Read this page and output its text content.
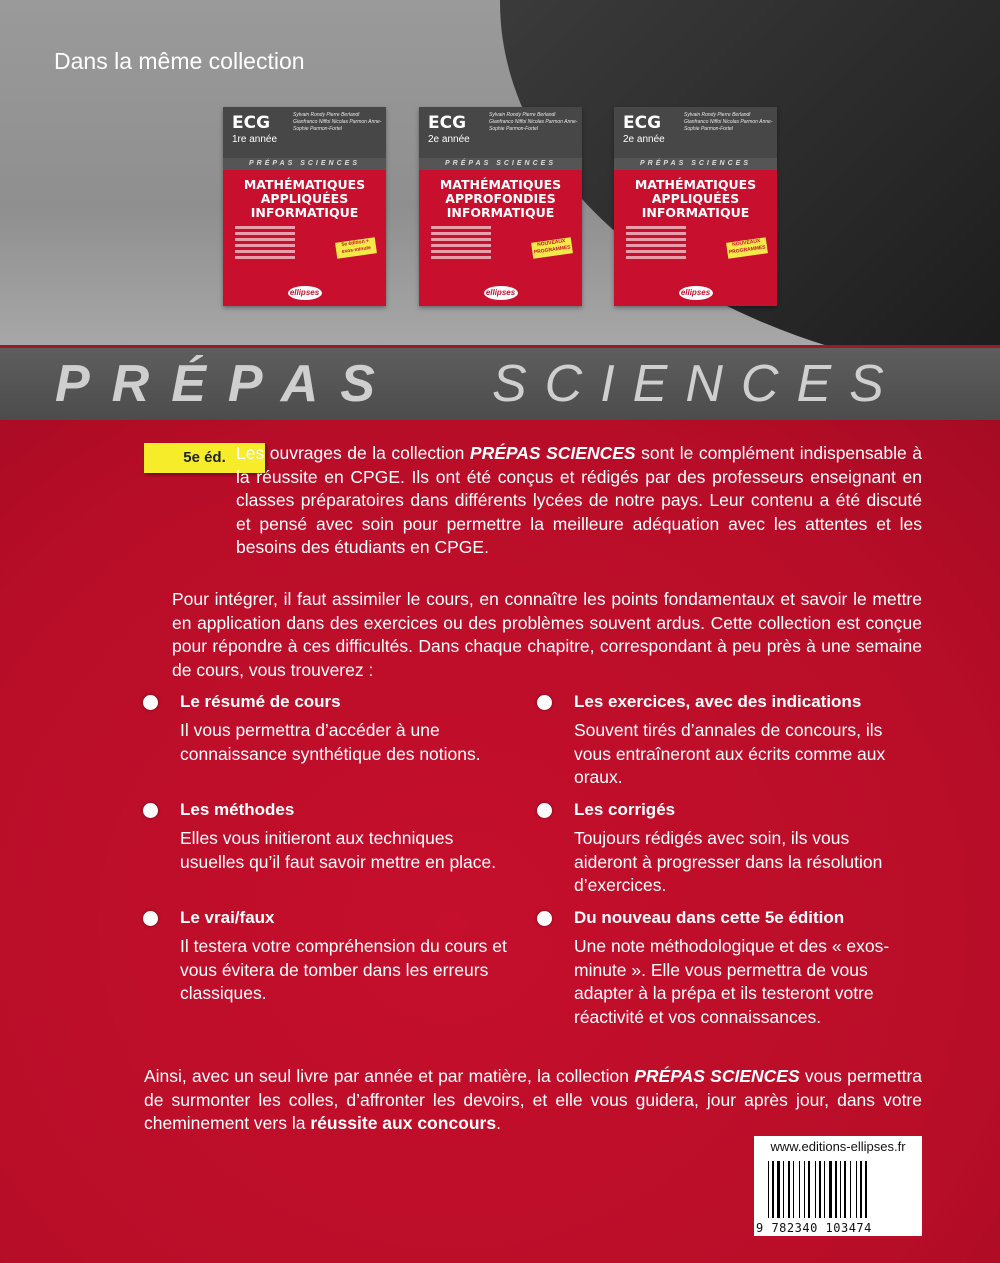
Dans la même collection
ECG
1re année
Sylvain Rondy Pierre Berlandi Gianfranco Niffoi Nicolas Parmon Anne-Sophie Parmon-Fortel
PRÉPAS SCIENCES
MATHÉMATIQUES APPLIQUÉES INFORMATIQUE
5e édition + exos-minute
ellipses
ECG
2e année
Sylvain Rondy Pierre Berlandi Gianfranco Niffoi Nicolas Parmon Anne-Sophie Parmon-Fortel
PRÉPAS SCIENCES
MATHÉMATIQUES APPROFONDIES INFORMATIQUE
NOUVEAUX PROGRAMMES
ellipses
ECG
2e année
Sylvain Rondy Pierre Berlandi Gianfranco Niffoi Nicolas Parmon Anne-Sophie Parmon-Fortel
PRÉPAS SCIENCES
MATHÉMATIQUES APPLIQUÉES INFORMATIQUE
NOUVEAUX PROGRAMMES
ellipses
PRÉPAS SCIENCES
5e éd. Les ouvrages de la collection PRÉPAS SCIENCES sont le complément indispensable à la réussite en CPGE. Ils ont été conçus et rédigés par des professeurs enseignant en classes préparatoires dans différents lycées de notre pays. Leur contenu a été discuté et pensé avec soin pour permettre la meilleure adéquation avec les attentes et les besoins des étudiants en CPGE.
Pour intégrer, il faut assimiler le cours, en connaître les points fondamentaux et savoir le mettre en application dans des exercices ou des problèmes souvent ardus. Cette collection est conçue pour répondre à ces difficultés. Dans chaque chapitre, correspondant à peu près à une semaine de cours, vous trouverez :
Le résumé de cours
Il vous permettra d’accéder à une connaissance synthétique des notions.
Les exercices, avec des indications
Souvent tirés d’annales de concours, ils vous entraîneront aux écrits comme aux oraux.
Les méthodes
Elles vous initieront aux techniques usuelles qu’il faut savoir mettre en place.
Les corrigés
Toujours rédigés avec soin, ils vous aideront à progresser dans la résolution d’exercices.
Le vrai/faux
Il testera votre compréhension du cours et vous évitera de tomber dans les erreurs classiques.
Du nouveau dans cette 5e édition
Une note méthodologique et des « exos-minute ». Elle vous permettra de vous adapter à la prépa et ils testeront votre réactivité et vos connaissances.
Ainsi, avec un seul livre par année et par matière, la collection PRÉPAS SCIENCES vous permettra de surmonter les colles, d’affronter les devoirs, et elle vous guidera, jour après jour, dans votre cheminement vers la réussite aux concours.
www.editions-ellipses.fr
9 782340 103474
